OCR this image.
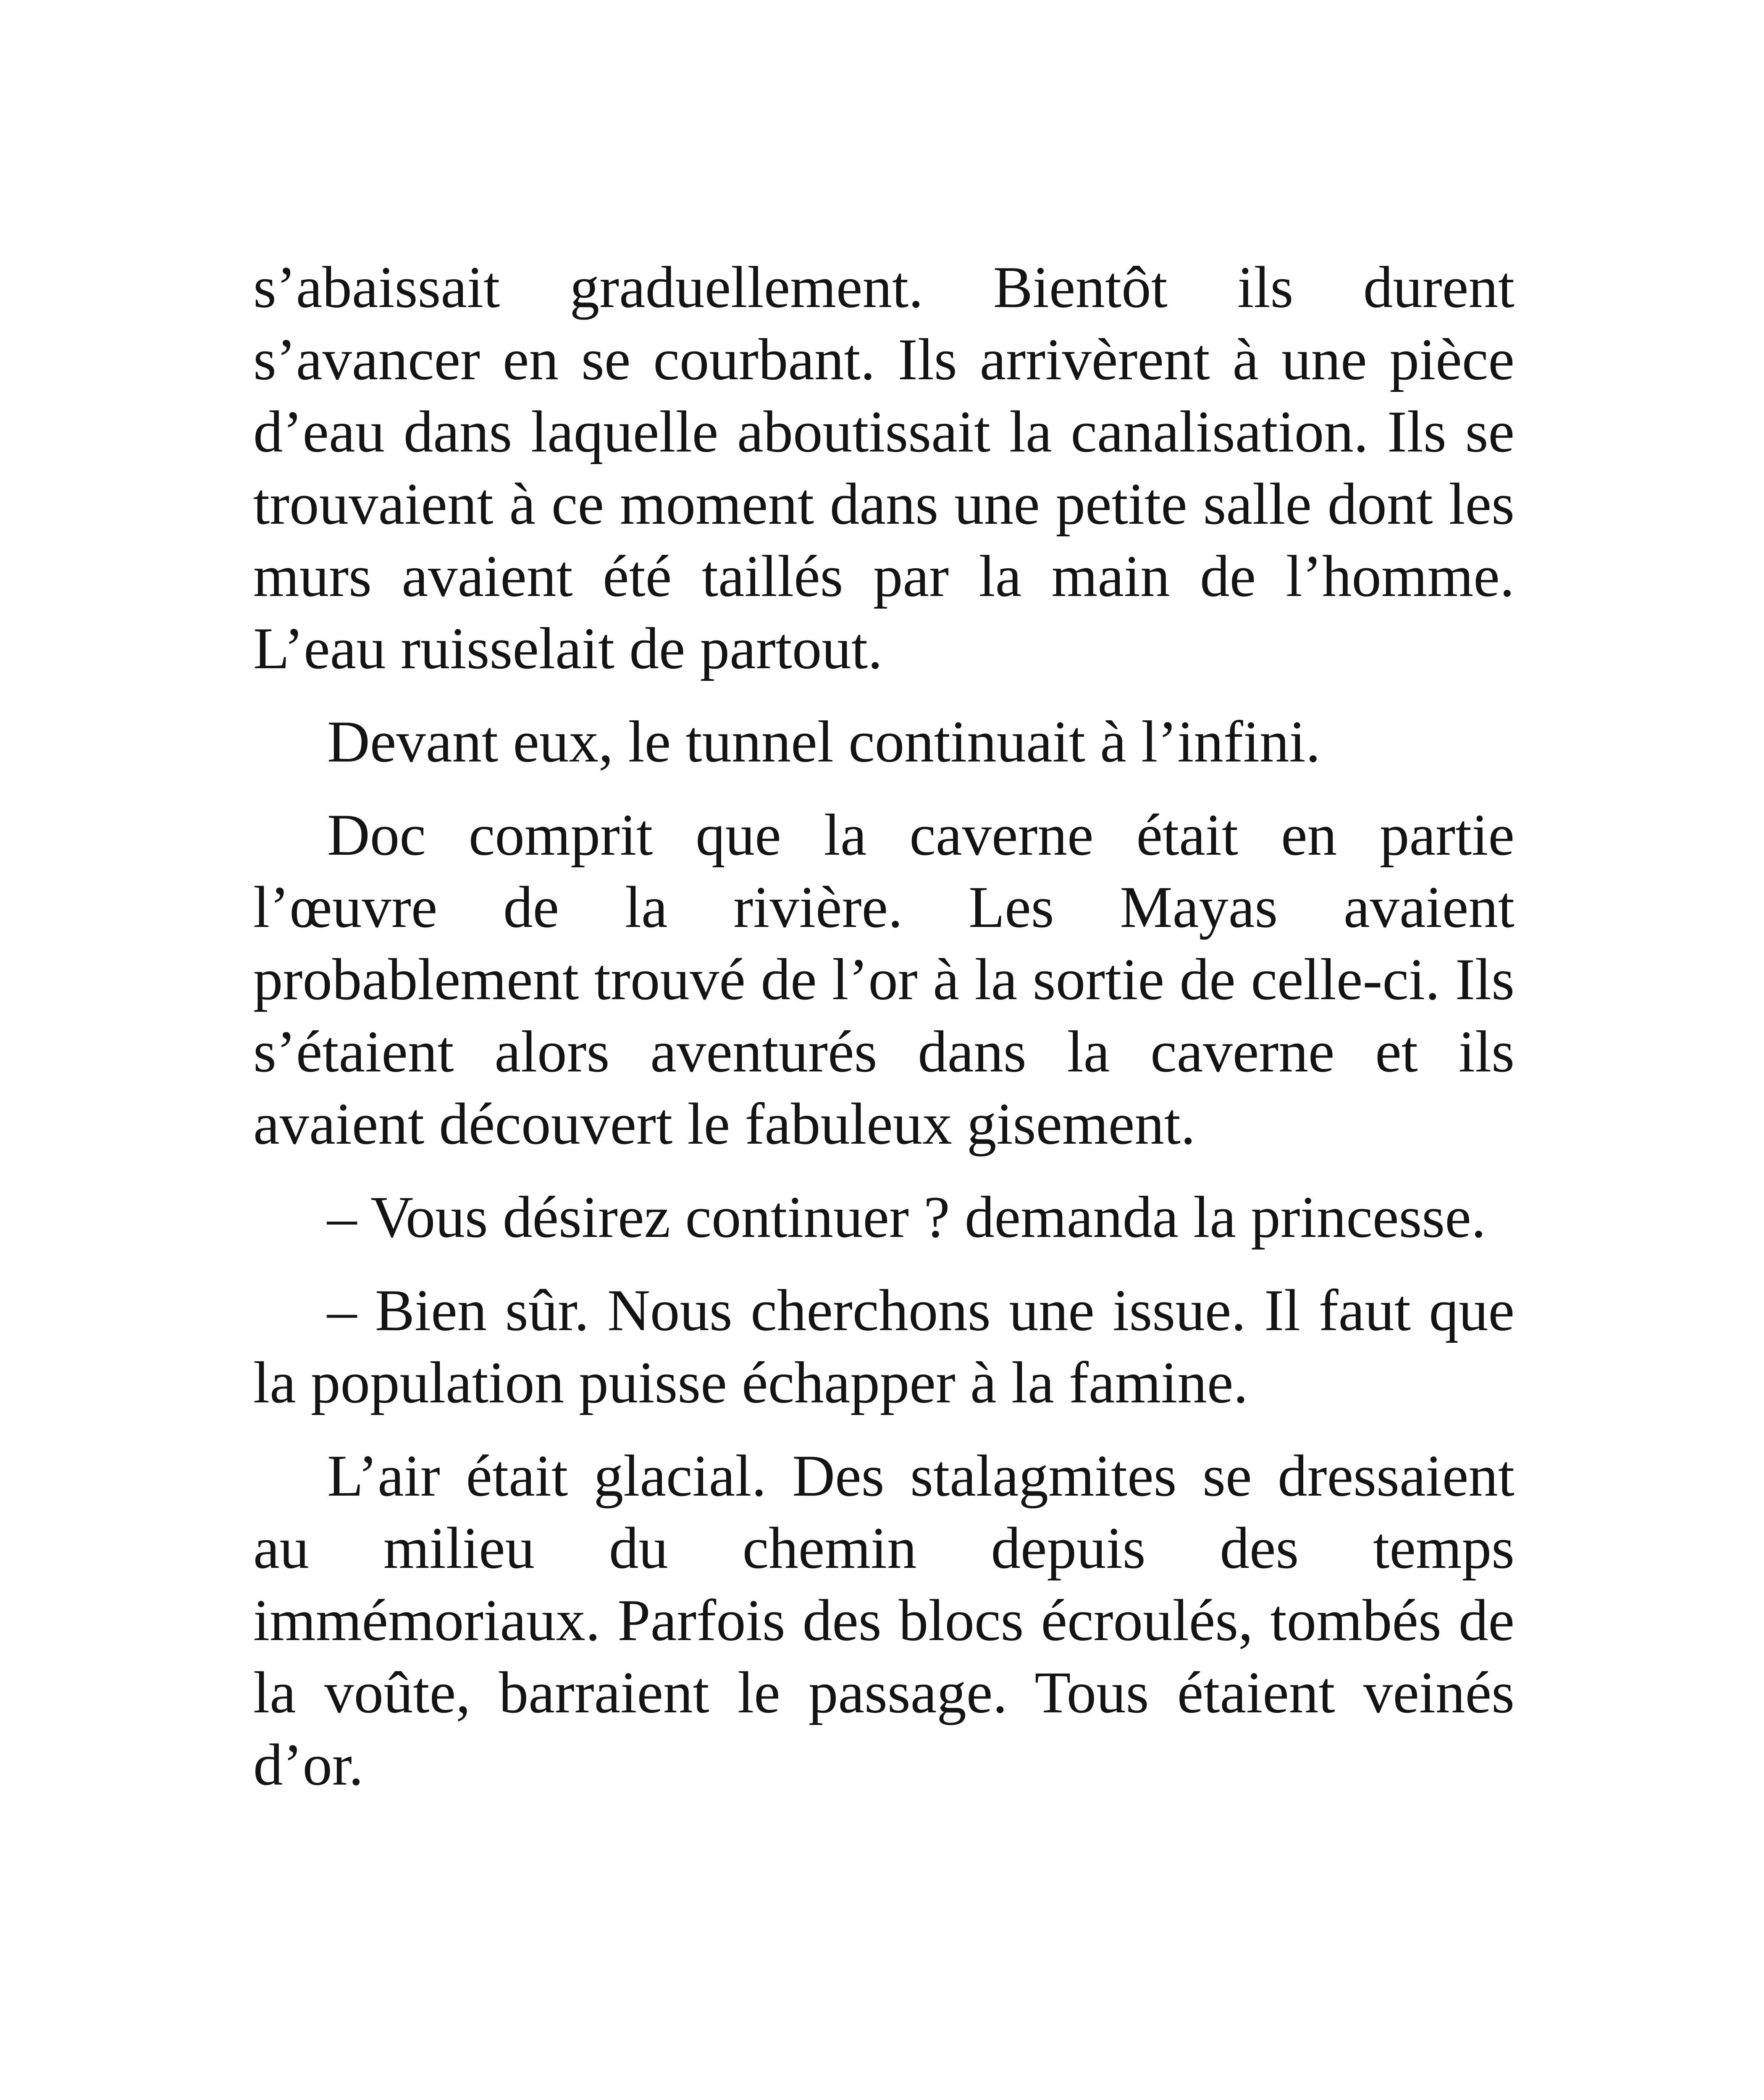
s’abaissait graduellement. Bientôt ils durent s’avancer en se courbant. Ils arrivèrent à une pièce d’eau dans laquelle aboutissait la canalisation. Ils se trouvaient à ce moment dans une petite salle dont les murs avaient été taillés par la main de l’homme. L’eau ruisselait de partout.

Devant eux, le tunnel continuait à l’infini.

Doc comprit que la caverne était en partie l’œuvre de la rivière. Les Mayas avaient probablement trouvé de l’or à la sortie de celle-ci. Ils s’étaient alors aventurés dans la caverne et ils avaient découvert le fabuleux gisement.

– Vous désirez continuer ? demanda la princesse.

– Bien sûr. Nous cherchons une issue. Il faut que la population puisse échapper à la famine.

L’air était glacial. Des stalagmites se dressaient au milieu du chemin depuis des temps immémoriaux. Parfois des blocs écroulés, tombés de la voûte, barraient le passage. Tous étaient veinés d’or.
